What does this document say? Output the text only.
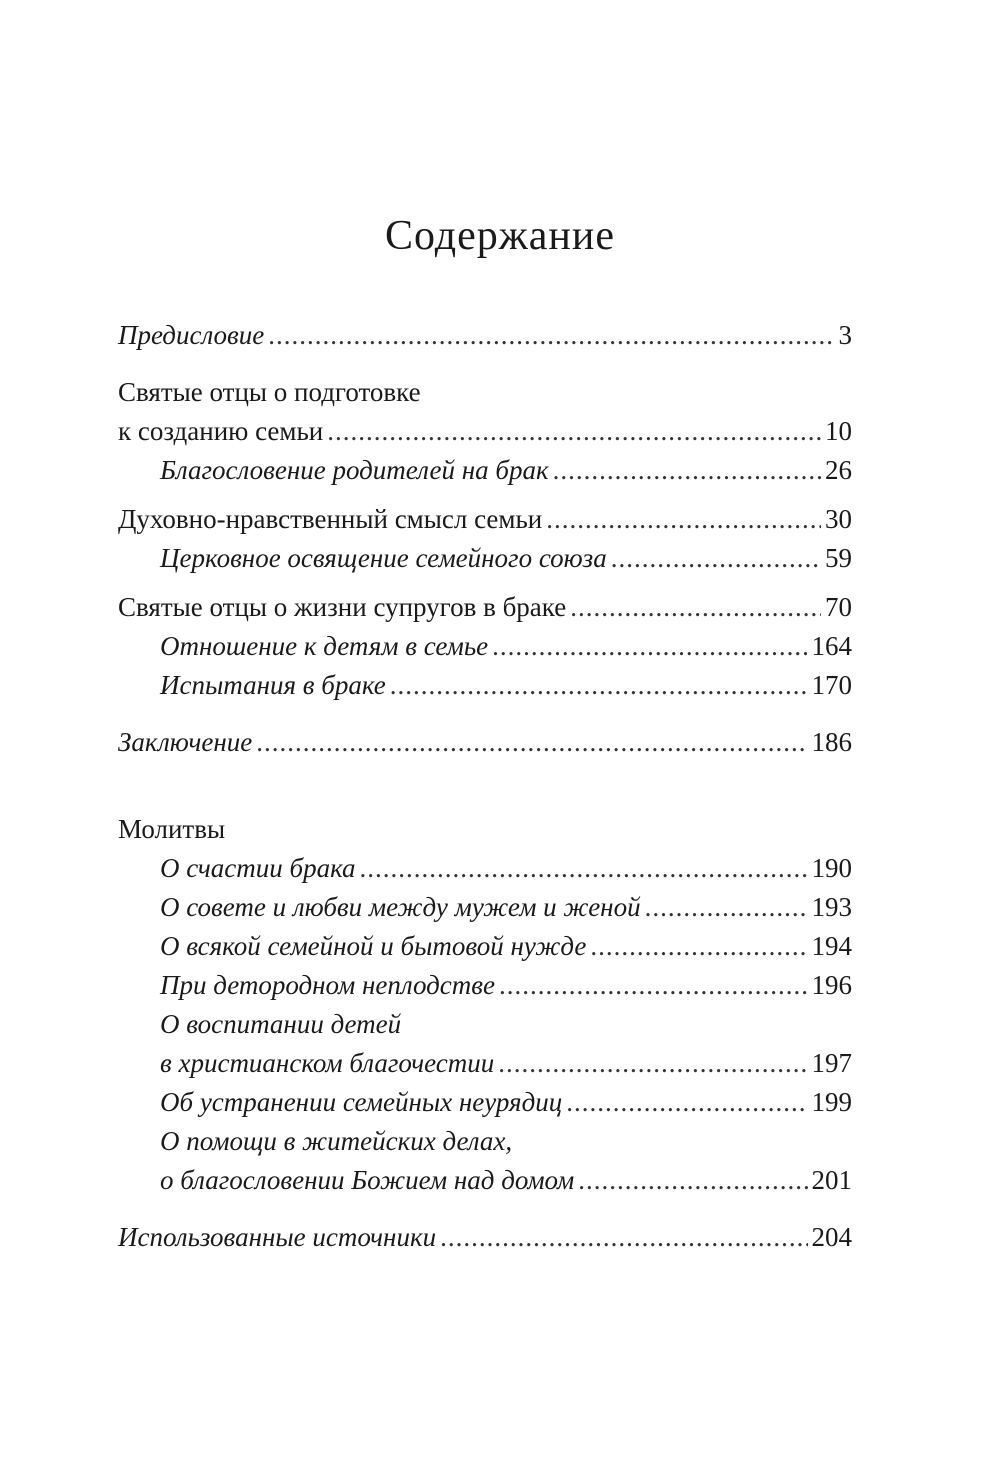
Содержание
Предисловие .....	3
Святые отцы о подготовке
к созданию семьи .....	10
Благословение родителей на брак .....	26
Духовно-нравственный смысл семьи .....	30
Церковное освящение семейного союза .....	59
Святые отцы о жизни супругов в браке .....	70
Отношение к детям в семье .....	164
Испытания в браке .....	170
Заключение .....	186
Молитвы
О счастии брака .....	190
О совете и любви между мужем и женой .....	193
О всякой семейной и бытовой нужде .....	194
При детородном неплодстве .....	196
О воспитании детей
в христианском благочестии .....	197
Об устранении семейных неурядиц .....	199
О помощи в житейских делах,
о благословении Божием над домом .....	201
Использованные источники .....	204
